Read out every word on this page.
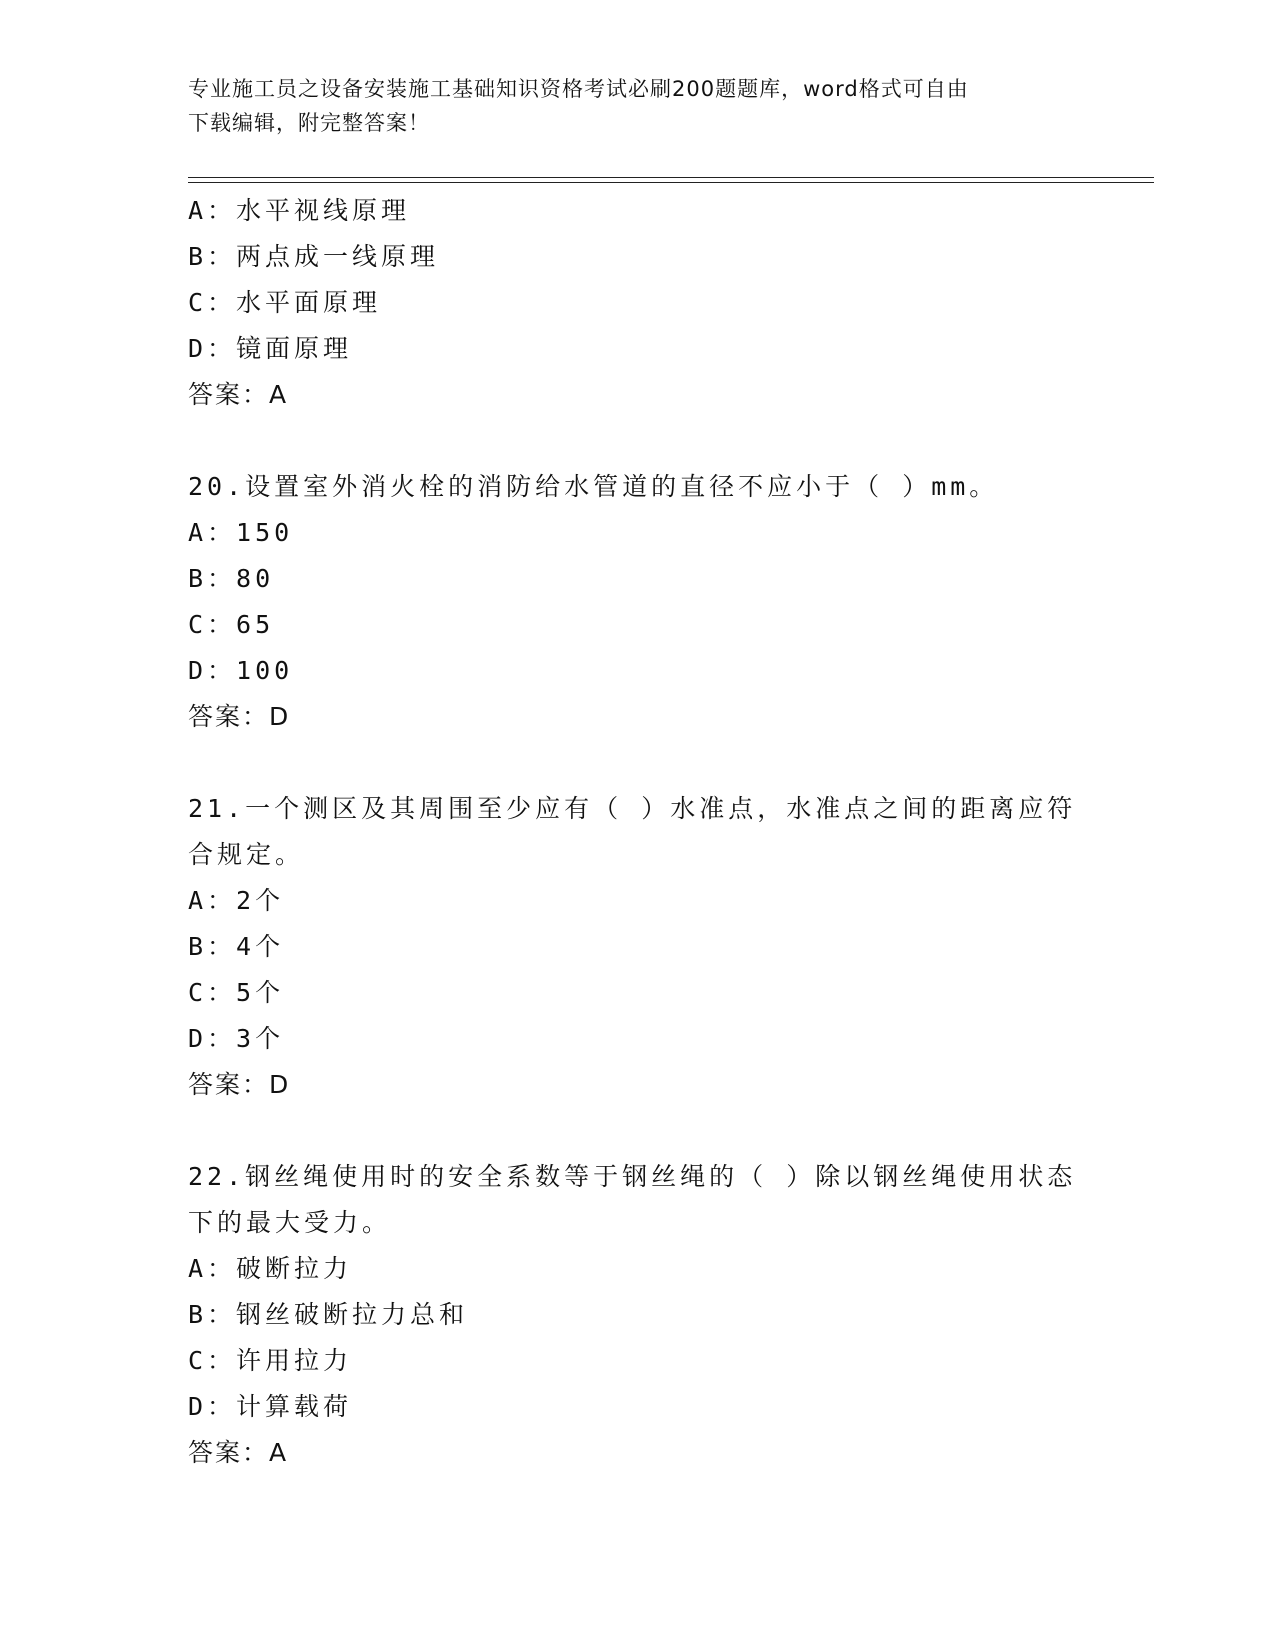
专业施工员之设备安装施工基础知识资格考试必刷200题题库，word格式可自由
下载编辑，附完整答案！
A：水平视线原理
B：两点成一线原理
C：水平面原理
D：镜面原理
答案：A
20.设置室外消火栓的消防给水管道的直径不应小于（ ）mm。
A：150
B：80
C：65
D：100
答案：D
21.一个测区及其周围至少应有（ ）水准点，水准点之间的距离应符
合规定。
A：2个
B：4个
C：5个
D：3个
答案：D
22.钢丝绳使用时的安全系数等于钢丝绳的（ ）除以钢丝绳使用状态
下的最大受力。
A：破断拉力
B：钢丝破断拉力总和
C：许用拉力
D：计算载荷
答案：A
